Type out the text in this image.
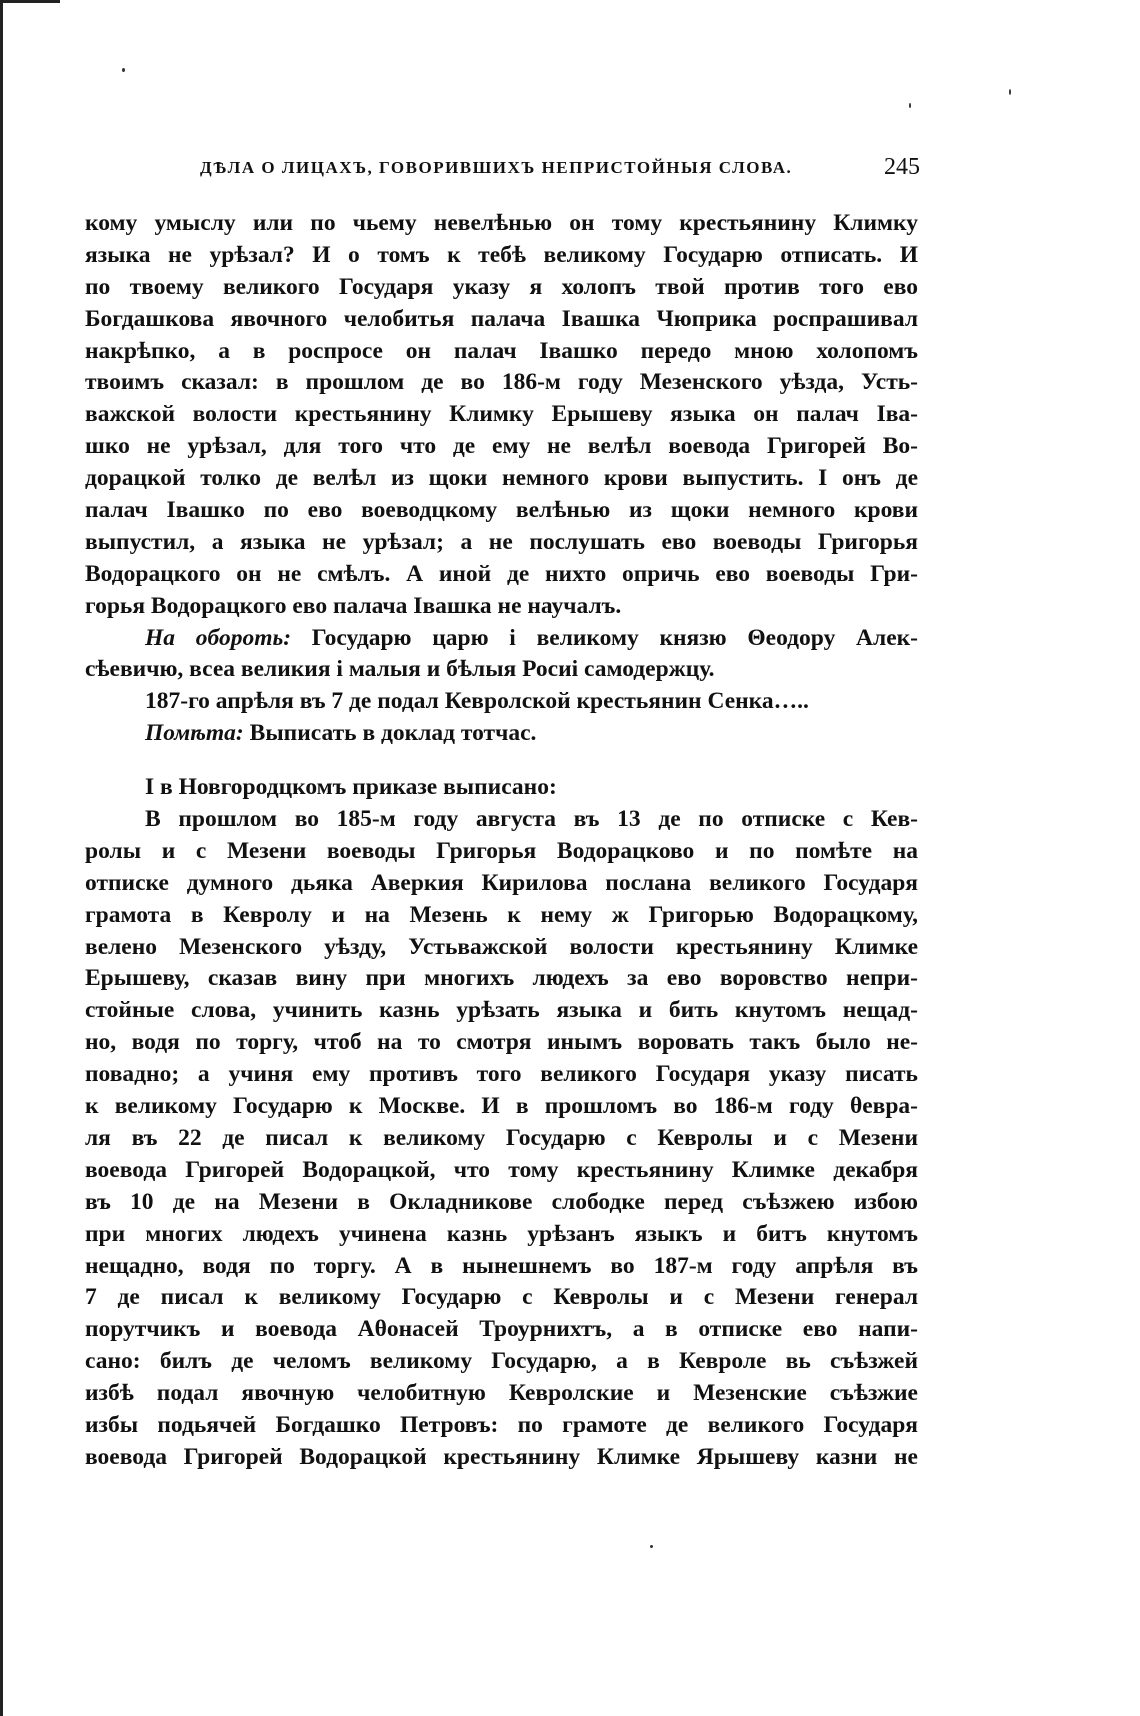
ДѢЛА О ЛИЦАХЪ, ГОВОРИВШИХЪ НЕПРИСТОЙНЫЯ СЛОВА.	245
кому умыслу или по чьему невелѣнью он тому крестьянину Климку
языка не урѣзал? И о томъ к тебѣ великому Государю отписать. И
по твоему великого Государя указу я холопъ твой против того ево
Богдашкова явочного челобитья палача Івашка Чюприка роспрашивал
накрѣпко, а в роспросе он палач Івашко передо мною холопомъ
твоимъ сказал: в прошлом де во 186-м году Мезенского уѣзда, Усть-
важской волости крестьянину Климку Ерышеву языка он палач Іва-
шко не урѣзал, для того что де ему не велѣл воевода Григорей Во-
дорацкой толко де велѣл из щоки немного крови выпустить. І онъ де
палач Івашко по ево воеводцкому велѣнью из щоки немного крови
выпустил, а языка не урѣзал; а не послушать ево воеводы Григорья
Водорацкого он не смѣлъ. А иной де нихто опричь ево воеводы Гри-
горья Водорацкого ево палача Івашка не научалъ.
На обороть: Государю царю і великому князю Θеодору Алек-
сѣевичю, всеа великия і малыя и бѣлыя Росиі самодержцу.
187-го апрѣля въ 7 де подал Кевролской крестьянин Сенка…..
Помѣта: Выписать в доклад тотчас.
І в Новгородцкомъ приказе выписано:
В прошлом во 185-м году августа въ 13 де по отписке с Кев-
ролы и с Мезени воеводы Григорья Водорацково и по помѣте на
отписке думного дьяка Аверкия Кирилова послана великого Государя
грамота в Кевролу и на Мезень к нему ж Григорью Водорацкому,
велено Мезенского уѣзду, Устьважской волости крестьянину Климке
Ерышеву, сказав вину при многихъ людехъ за ево воровство непри-
стойные слова, учинить казнь урѣзать языка и бить кнутомъ нещад-
но, водя по торгу, чтоб на то смотря инымъ воровать такъ было не-
повадно; а учиня ему противъ того великого Государя указу писать
к великому Государю к Москве. И в прошломъ во 186-м году θевра-
ля въ 22 де писал к великому Государю с Кевролы и с Мезени
воевода Григорей Водорацкой, что тому крестьянину Климке декабря
въ 10 де на Мезени в Окладникове слободке перед съѣзжею избою
при многих людехъ учинена казнь урѣзанъ языкъ и битъ кнутомъ
нещадно, водя по торгу. А в нынешнемъ во 187-м году апрѣля въ
7 де писал к великому Государю с Кевролы и с Мезени генерал
порутчикъ и воевода Аθонасей Троурнихтъ, а в отписке ево напи-
сано: билъ де челомъ великому Государю, а в Кевроле вь съѣзжей
избѣ подал явочную челобитную Кевролские и Мезенские съѣзжие
избы подьячей Богдашко Петровъ: по грамоте де великого Государя
воевода Григорей Водорацкой крестьянину Климке Ярышеву казни не
